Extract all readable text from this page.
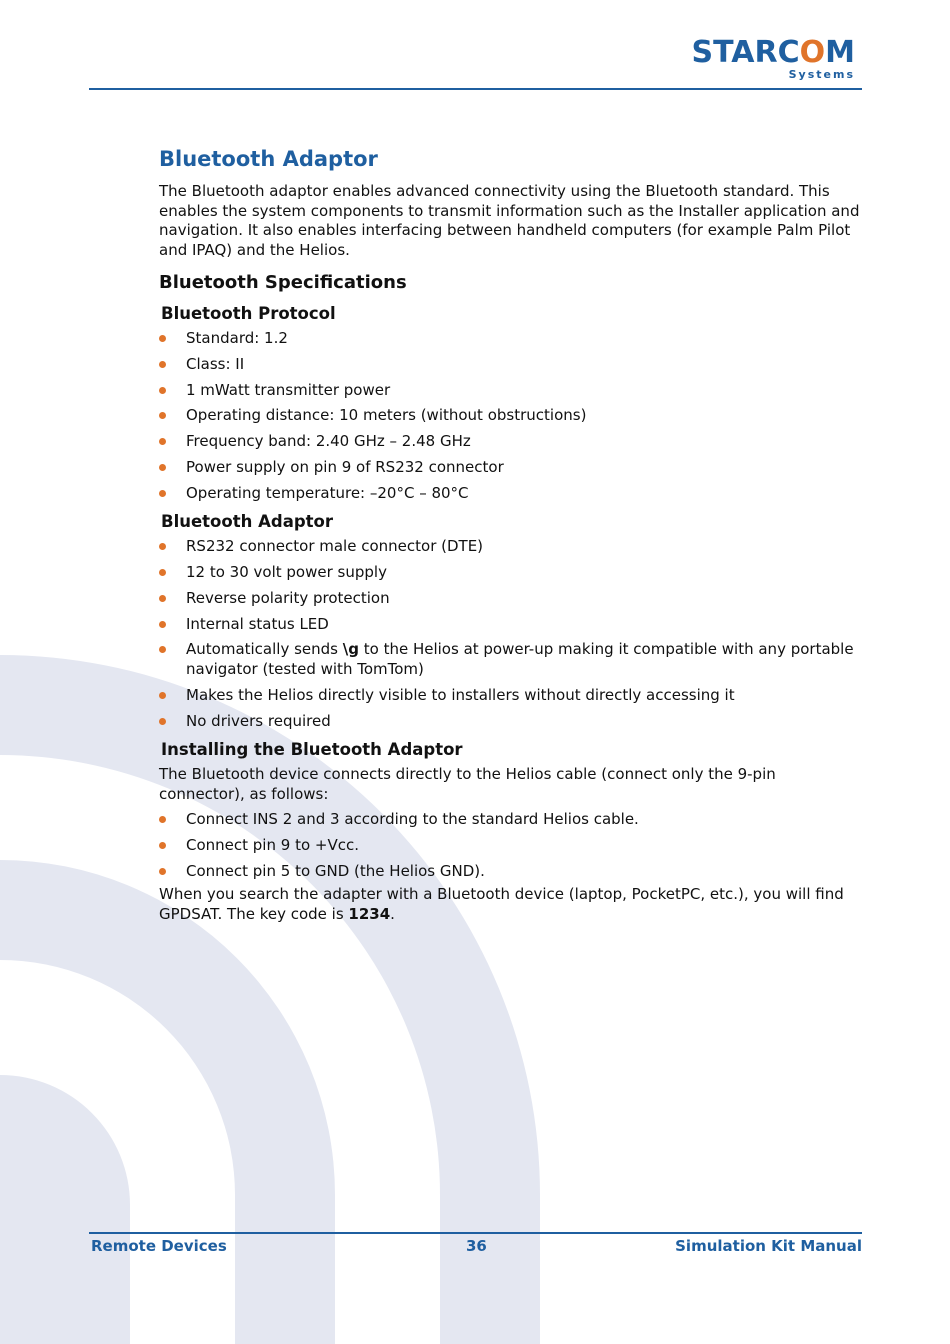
STARCOM
Systems
Bluetooth Adaptor

The Bluetooth adaptor enables advanced connectivity using the Bluetooth standard. This enables the system components to transmit information such as the Installer application and navigation. It also enables interfacing between handheld computers (for example Palm Pilot and IPAQ) and the Helios.

Bluetooth Specifications
Bluetooth Protocol
Standard: 1.2
Class: II
1 mWatt transmitter power
Operating distance: 10 meters (without obstructions)
Frequency band: 2.40 GHz – 2.48 GHz
Power supply on pin 9 of RS232 connector
Operating temperature: –20°C – 80°C
Bluetooth Adaptor
RS232 connector male connector (DTE)
12 to 30 volt power supply
Reverse polarity protection
Internal status LED
Automatically sends \g to the Helios at power-up making it compatible with any portable navigator (tested with TomTom)
Makes the Helios directly visible to installers without directly accessing it
No drivers required
Installing the Bluetooth Adaptor

The Bluetooth device connects directly to the Helios cable (connect only the 9-pin connector), as follows:

Connect INS 2 and 3 according to the standard Helios cable.
Connect pin 9 to +Vcc.
Connect pin 5 to GND (the Helios GND).

When you search the adapter with a Bluetooth device (laptop, PocketPC, etc.), you will find GPDSAT. The key code is 1234.

Remote Devices	36	Simulation Kit Manual
